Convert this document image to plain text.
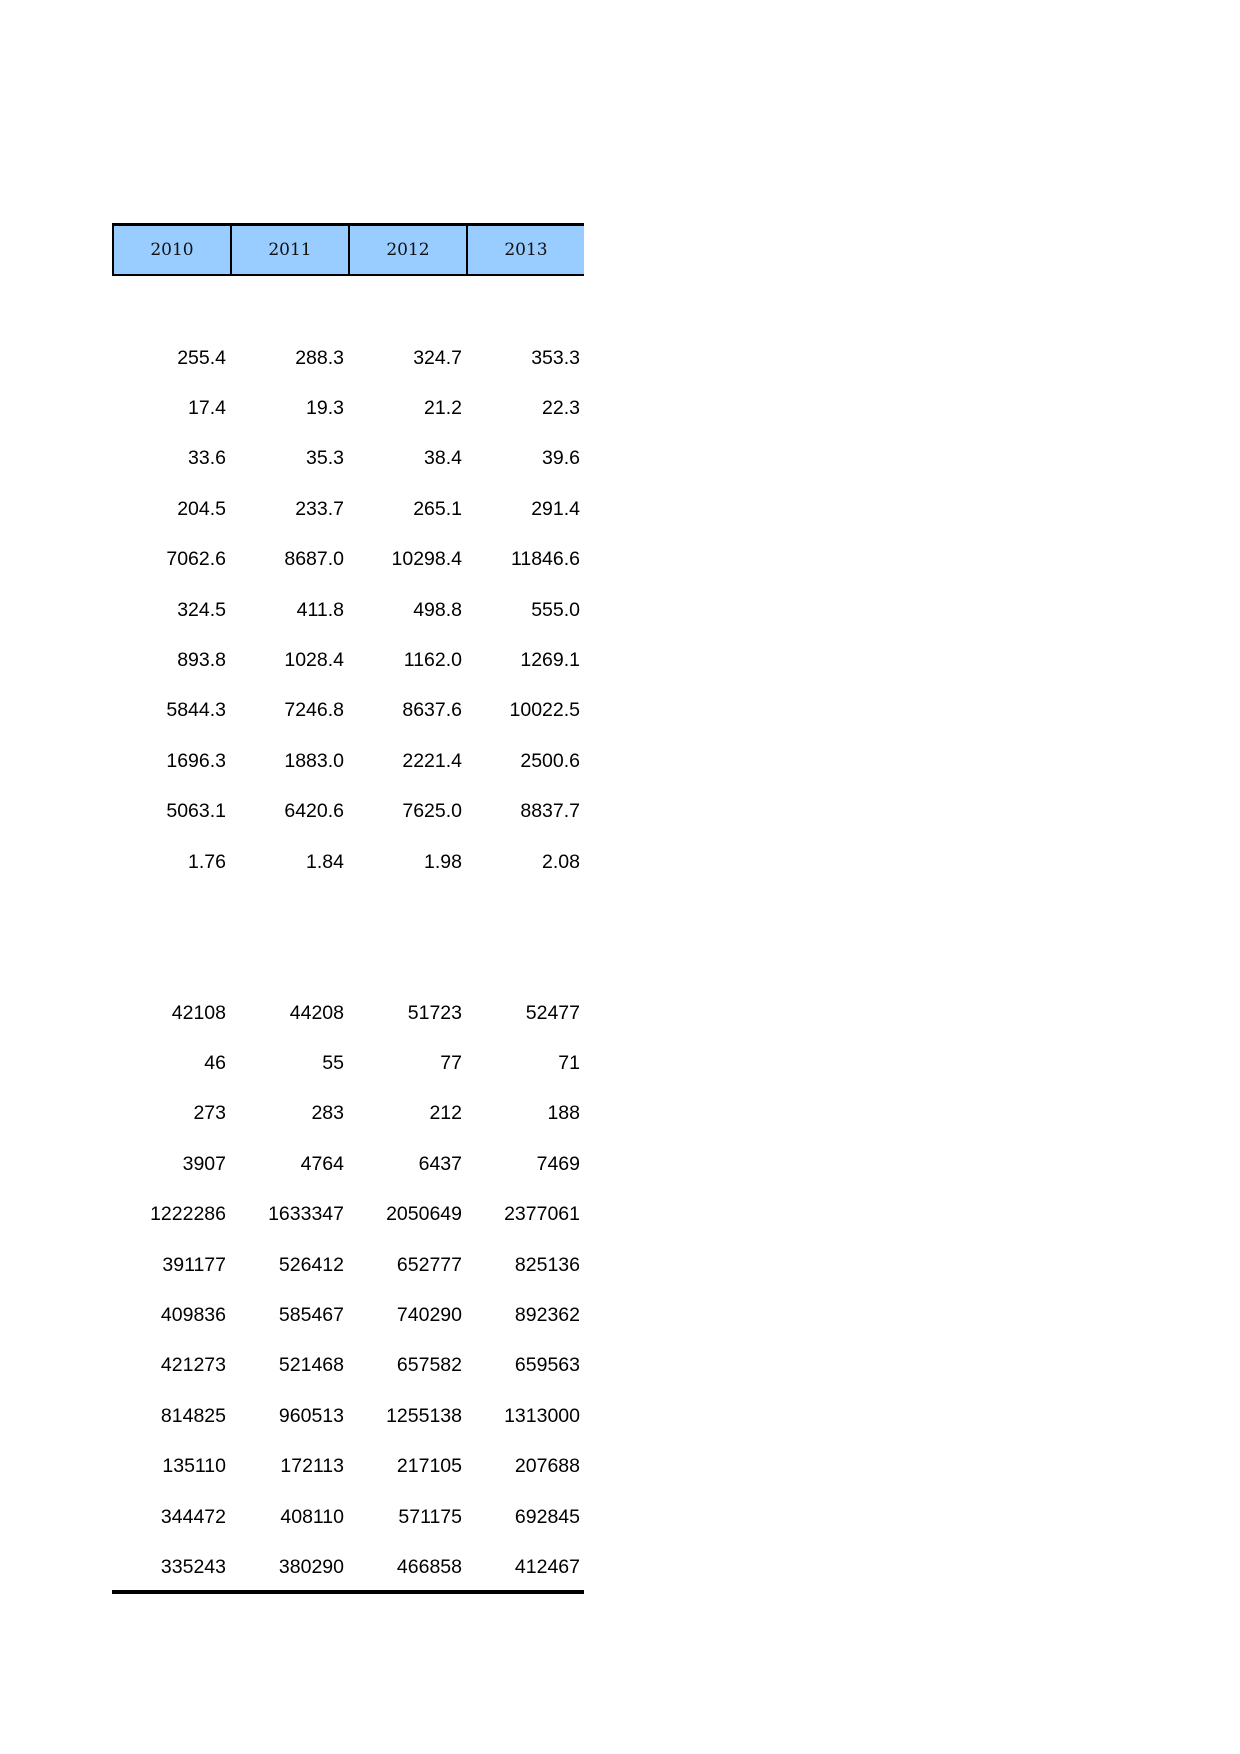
2010	2011	2012	2013
255.4	288.3	324.7	353.3
17.4	19.3	21.2	22.3
33.6	35.3	38.4	39.6
204.5	233.7	265.1	291.4
7062.6	8687.0	10298.4	11846.6
324.5	411.8	498.8	555.0
893.8	1028.4	1162.0	1269.1
5844.3	7246.8	8637.6	10022.5
1696.3	1883.0	2221.4	2500.6
5063.1	6420.6	7625.0	8837.7
1.76	1.84	1.98	2.08
42108	44208	51723	52477
46	55	77	71
273	283	212	188
3907	4764	6437	7469
1222286	1633347	2050649	2377061
391177	526412	652777	825136
409836	585467	740290	892362
421273	521468	657582	659563
814825	960513	1255138	1313000
135110	172113	217105	207688
344472	408110	571175	692845
335243	380290	466858	412467
